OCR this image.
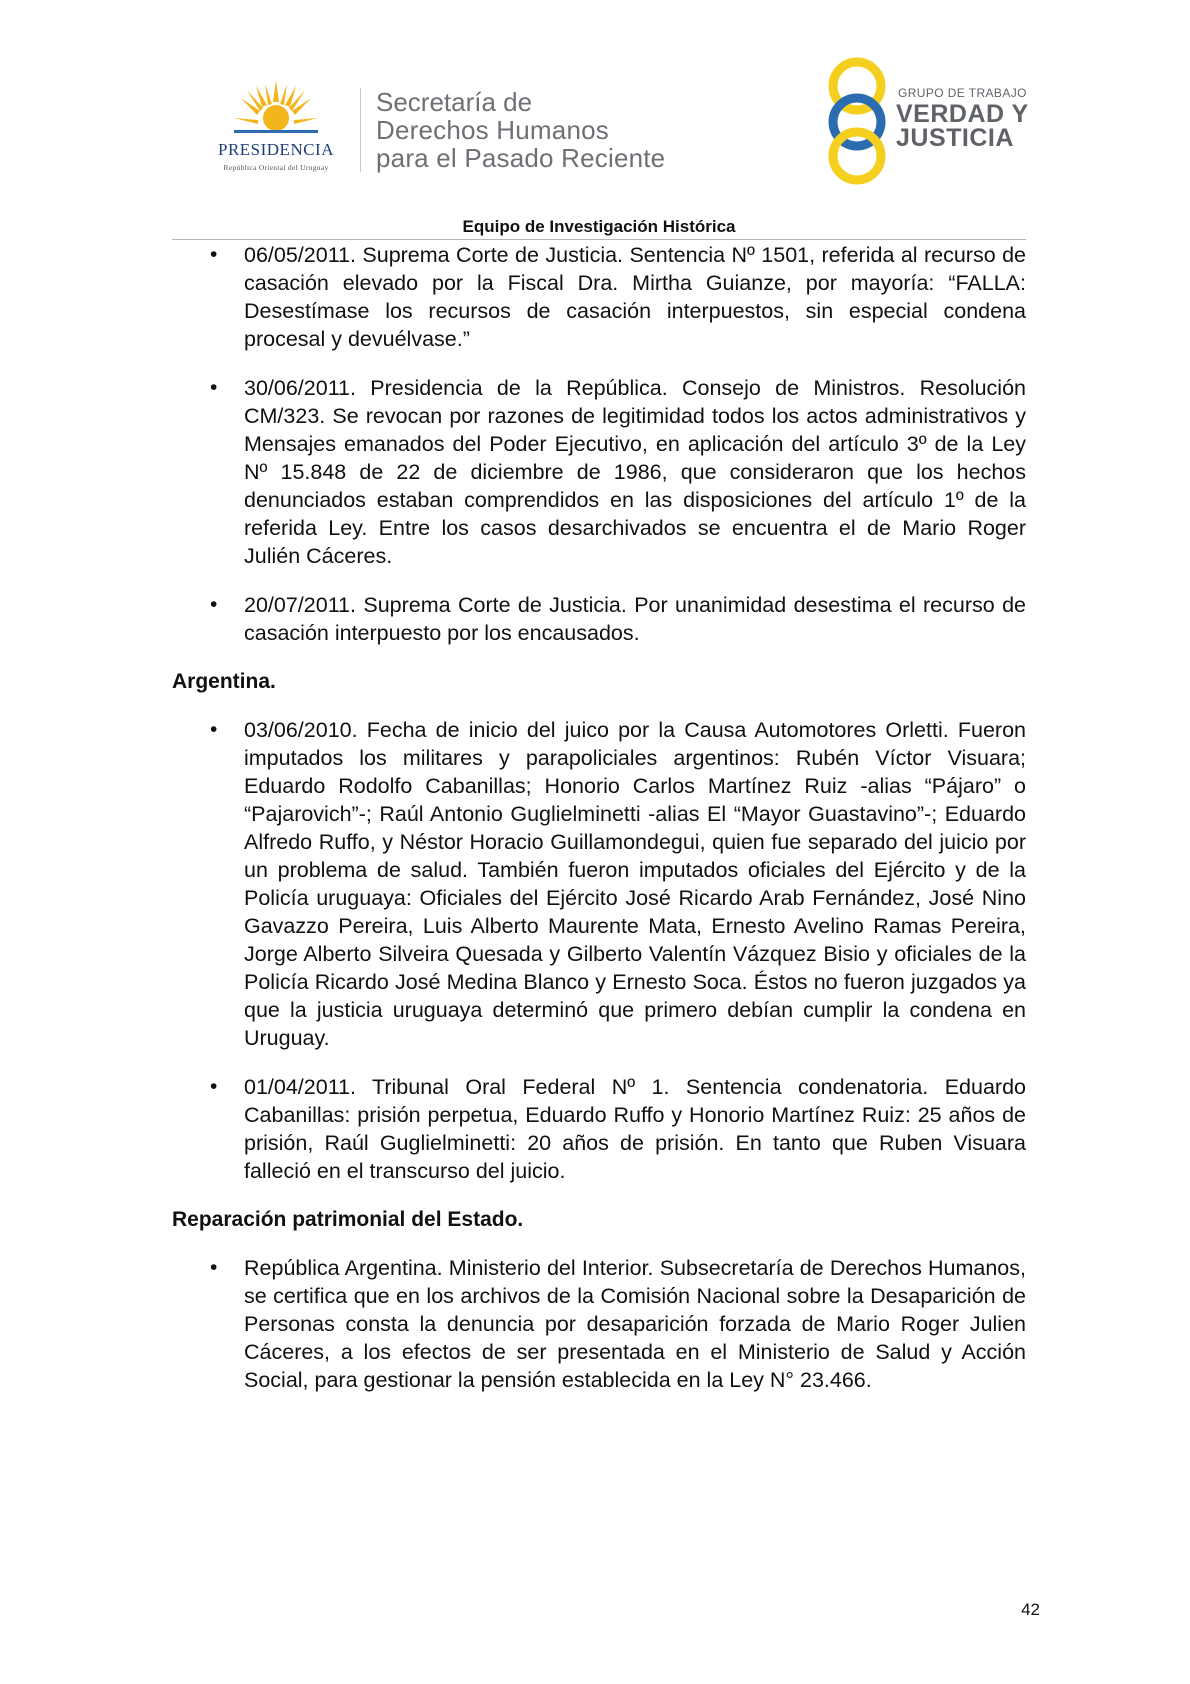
PRESIDENCIA
República Oriental del Uruguay
Secretaría de
Derechos Humanos
para el Pasado Reciente
GRUPO DE TRABAJO
VERDAD Y
JUSTICIA
Equipo de Investigación Histórica
• 06/05/2011. Suprema Corte de Justicia. Sentencia Nº 1501, referida al recurso de casación elevado por la Fiscal Dra. Mirtha Guianze, por mayoría: “FALLA: Desestímase los recursos de casación interpuestos, sin especial condena procesal y devuélvase.”
• 30/06/2011. Presidencia de la República. Consejo de Ministros. Resolución CM/323. Se revocan por razones de legitimidad todos los actos administrativos y Mensajes emanados del Poder Ejecutivo, en aplicación del artículo 3º de la Ley Nº 15.848 de 22 de diciembre de 1986, que consideraron que los hechos denunciados estaban comprendidos en las disposiciones del artículo 1º de la referida Ley. Entre los casos desarchivados se encuentra el de Mario Roger Julién Cáceres.
• 20/07/2011. Suprema Corte de Justicia. Por unanimidad desestima el recurso de casación interpuesto por los encausados.
Argentina.
• 03/06/2010. Fecha de inicio del juico por la Causa Automotores Orletti. Fueron imputados los militares y parapoliciales argentinos: Rubén Víctor Visuara; Eduardo Rodolfo Cabanillas; Honorio Carlos Martínez Ruiz -alias “Pájaro” o “Pajarovich”-; Raúl Antonio Guglielminetti -alias El “Mayor Guastavino”-; Eduardo Alfredo Ruffo, y Néstor Horacio Guillamondegui, quien fue separado del juicio por un problema de salud. También fueron imputados oficiales del Ejército y de la Policía uruguaya: Oficiales del Ejército José Ricardo Arab Fernández, José Nino Gavazzo Pereira, Luis Alberto Maurente Mata, Ernesto Avelino Ramas Pereira, Jorge Alberto Silveira Quesada y Gilberto Valentín Vázquez Bisio y oficiales de la Policía Ricardo José Medina Blanco y Ernesto Soca. Éstos no fueron juzgados ya que la justicia uruguaya determinó que primero debían cumplir la condena en Uruguay.
• 01/04/2011. Tribunal Oral Federal Nº 1. Sentencia condenatoria. Eduardo Cabanillas: prisión perpetua, Eduardo Ruffo y Honorio Martínez Ruiz: 25 años de prisión, Raúl Guglielminetti: 20 años de prisión. En tanto que Ruben Visuara falleció en el transcurso del juicio.
Reparación patrimonial del Estado.
• República Argentina. Ministerio del Interior. Subsecretaría de Derechos Humanos, se certifica que en los archivos de la Comisión Nacional sobre la Desaparición de Personas consta la denuncia por desaparición forzada de Mario Roger Julien Cáceres, a los efectos de ser presentada en el Ministerio de Salud y Acción Social, para gestionar la pensión establecida en la Ley N° 23.466.
42
